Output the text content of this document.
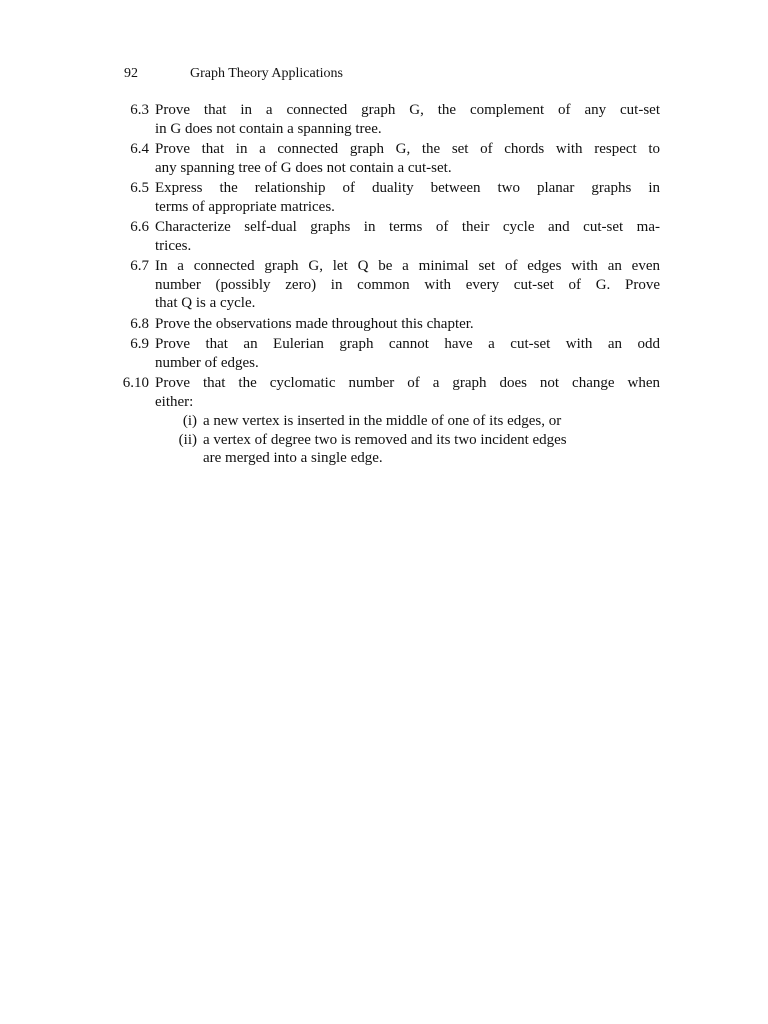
92	Graph Theory Applications
6.3 Prove that in a connected graph G, the complement of any cut-set
in G does not contain a spanning tree.
6.4 Prove that in a connected graph G, the set of chords with respect to
any spanning tree of G does not contain a cut-set.
6.5 Express the relationship of duality between two planar graphs in
terms of appropriate matrices.
6.6 Characterize self-dual graphs in terms of their cycle and cut-set ma-
trices.
6.7 In a connected graph G, let Q be a minimal set of edges with an even
number (possibly zero) in common with every cut-set of G. Prove
that Q is a cycle.
6.8 Prove the observations made throughout this chapter.
6.9 Prove that an Eulerian graph cannot have a cut-set with an odd
number of edges.
6.10 Prove that the cyclomatic number of a graph does not change when
either:
(i) a new vertex is inserted in the middle of one of its edges, or
(ii) a vertex of degree two is removed and its two incident edges
are merged into a single edge.
